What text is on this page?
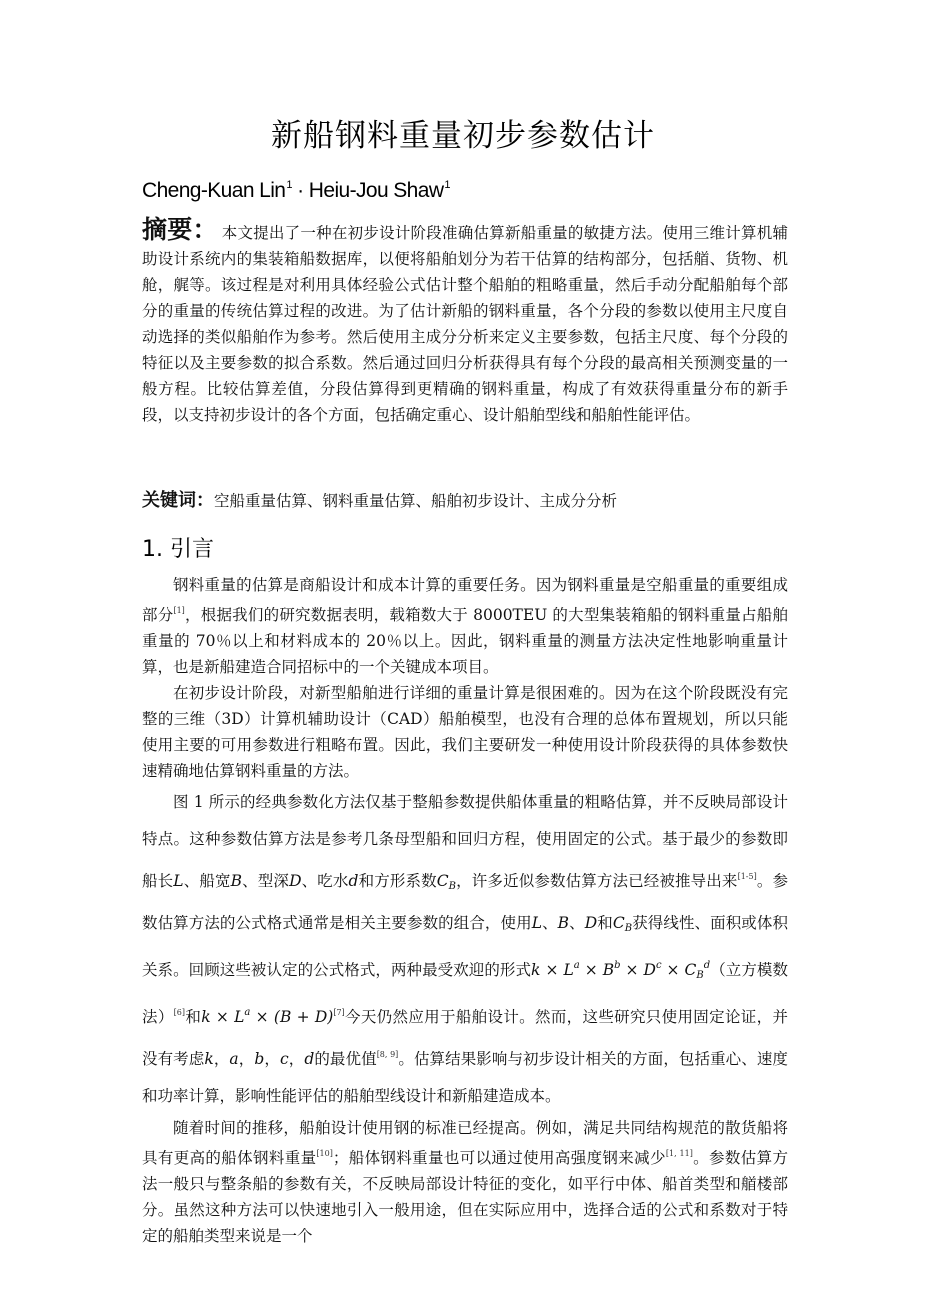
新船钢料重量初步参数估计
Cheng-Kuan Lin$^1$ · Heiu-Jou Shaw$^1$
摘要： 本文提出了一种在初步设计阶段准确估算新船重量的敏捷方法。使用三维计算机辅助设计系统内的集装箱船数据库，以便将船舶划分为若干估算的结构部分，包括艏、货物、机舱，艉等。该过程是对利用具体经验公式估计整个船舶的粗略重量，然后手动分配船舶每个部分的重量的传统估算过程的改进。为了估计新船的钢料重量，各个分段的参数以使用主尺度自动选择的类似船舶作为参考。然后使用主成分分析来定义主要参数，包括主尺度、每个分段的特征以及主要参数的拟合系数。然后通过回归分析获得具有每个分段的最高相关预测变量的一般方程。比较估算差值，分段估算得到更精确的钢料重量，构成了有效获得重量分布的新手段，以支持初步设计的各个方面，包括确定重心、设计船舶型线和船舶性能评估。
关键词：空船重量估算、钢料重量估算、船舶初步设计、主成分分析
1. 引言

钢料重量的估算是商船设计和成本计算的重要任务。因为钢料重量是空船重量的重要组成部分[1]，根据我们的研究数据表明，载箱数大于 8000TEU 的大型集装箱船的钢料重量占船舶重量的 70％以上和材料成本的 20％以上。因此，钢料重量的测量方法决定性地影响重量计算，也是新船建造合同招标中的一个关键成本项目。

在初步设计阶段，对新型船舶进行详细的重量计算是很困难的。因为在这个阶段既没有完整的三维（3D）计算机辅助设计（CAD）船舶模型，也没有合理的总体布置规划，所以只能使用主要的可用参数进行粗略布置。因此，我们主要研发一种使用设计阶段获得的具体参数快速精确地估算钢料重量的方法。

图 1 所示的经典参数化方法仅基于整船参数提供船体重量的粗略估算，并不反映局部设计特点。这种参数估算方法是参考几条母型船和回归方程，使用固定的公式。基于最少的参数即船长L、船宽B、型深D、吃水d和方形系数$C_B$，许多近似参数估算方法已经被推导出来[1-5]。参数估算方法的公式格式通常是相关主要参数的组合，使用L、B、D和$C_B$获得线性、面积或体积关系。回顾这些被认定的公式格式，两种最受欢迎的形式$k \times L^a \times B^b \times D^c \times C_B^d$（立方模数法）[6]和$k \times L^a \times (B + D)[7]$今天仍然应用于船舶设计。然而，这些研究只使用固定论证，并没有考虑k，a，b，c，d的最优值[8, 9]。估算结果影响与初步设计相关的方面，包括重心、速度和功率计算，影响性能评估的船舶型线设计和新船建造成本。

随着时间的推移，船舶设计使用钢的标准已经提高。例如，满足共同结构规范的散货船将具有更高的船体钢料重量[10]；船体钢料重量也可以通过使用高强度钢来减少[1, 11]。参数估算方法一般只与整条船的参数有关，不反映局部设计特征的变化，如平行中体、船首类型和艏楼部分。虽然这种方法可以快速地引入一般用途，但在实际应用中，选择合适的公式和系数对于特定的船舶类型来说是一个
